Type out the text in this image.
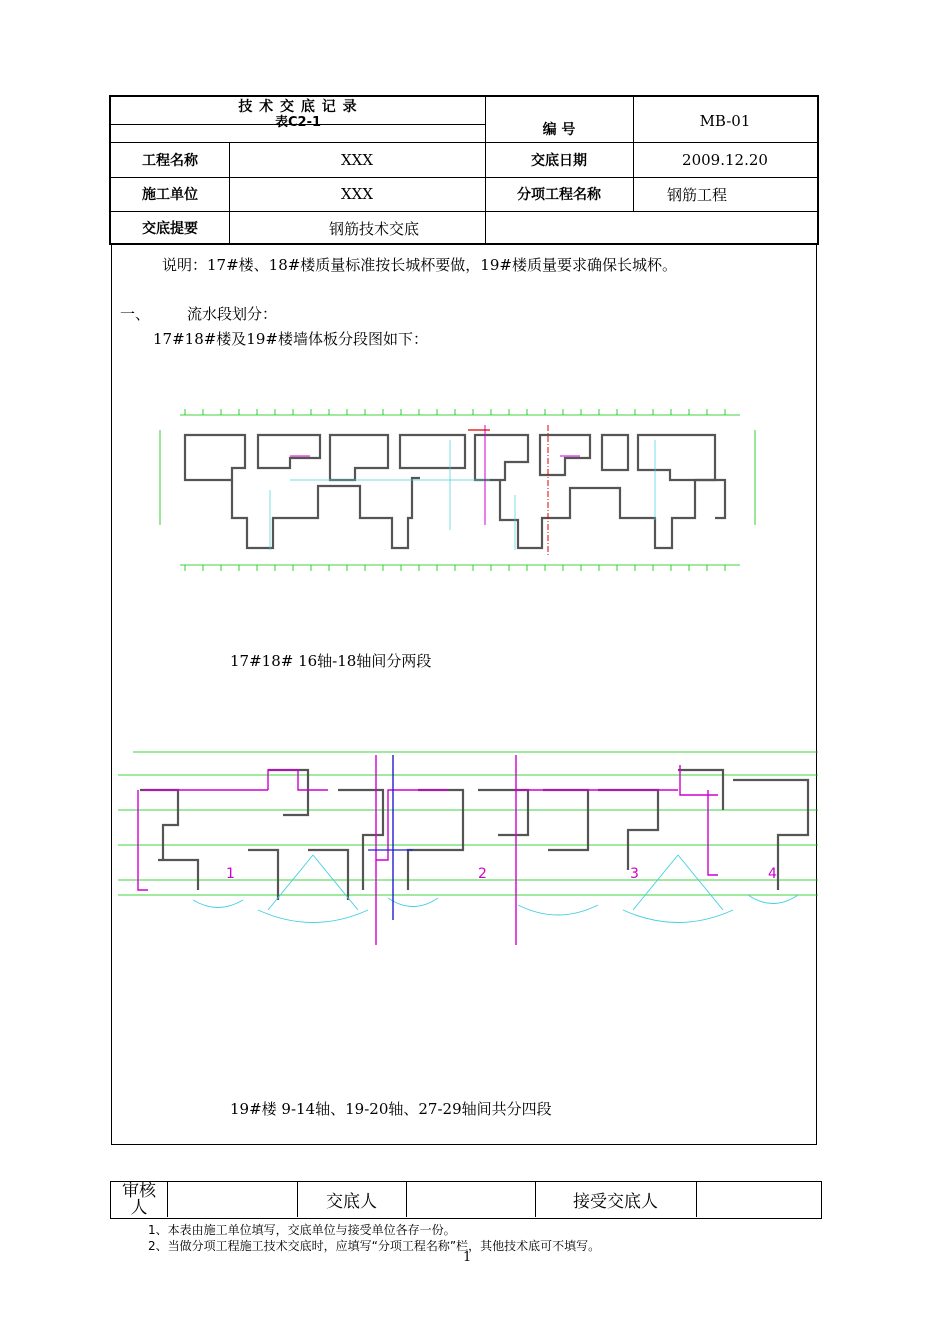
技 术 交 底 记 录
表C2-1	编 号	MB-01
工程名称	XXX	交底日期	2009.12.20
施工单位	XXX	分项工程名称	钢筋工程
交底提要	钢筋技术交底
说明：17#楼、18#楼质量标准按长城杯要做，19#楼质量要求确保长城杯。
一、 流水段划分：
17#18#楼及19#楼墙体板分段图如下：
17#18# 16轴-18轴间分两段
1	2	3	4
19#楼 9-14轴、19-20轴、27-29轴间共分四段
审核人	交底人	接受交底人
1、本表由施工单位填写，交底单位与接受单位各存一份。
2、当做分项工程施工技术交底时，应填写“分项工程名称”栏，其他技术底可不填写。
1
